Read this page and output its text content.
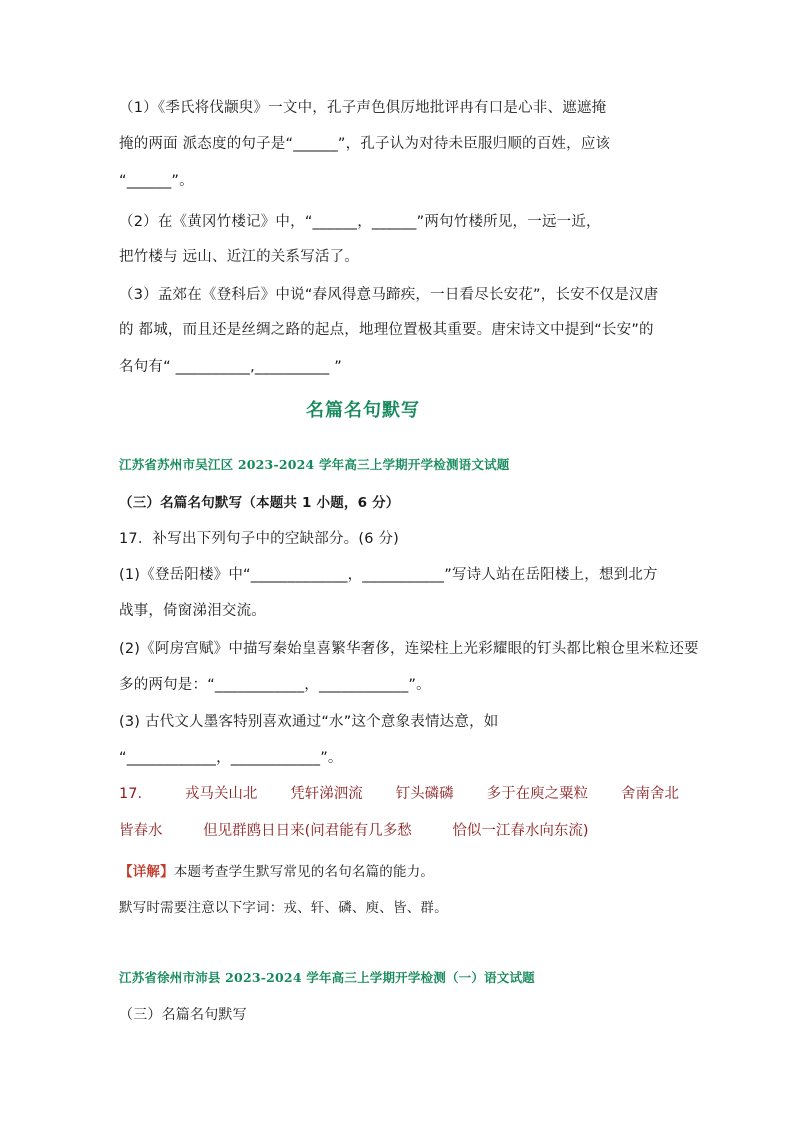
（1）《季氏将伐颛臾》一文中，孔子声色俱厉地批评冉有口是心非、遮遮掩
掩的两面 派态度的句子是“______”，孔子认为对待未臣服归顺的百姓，应该
“______”。
（2）在《黄冈竹楼记》中，“______，______”两句竹楼所见，一远一近，
把竹楼与 远山、近江的关系写活了。
（3）孟郊在《登科后》中说“春风得意马蹄疾，一日看尽长安花”，长安不仅是汉唐
的 都城，而且还是丝绸之路的起点，地理位置极其重要。唐宋诗文中提到“长安”的
名句有“ __________,__________ ”
名篇名句默写
江苏省苏州市吴江区 2023-2024 学年高三上学期开学检测语文试题
（三）名篇名句默写（本题共 1 小题，6 分）
17．补写出下列句子中的空缺部分。(6 分)
(1)《登岳阳楼》中“_____________，___________”写诗人站在岳阳楼上，想到北方
战事，倚窗涕泪交流。
(2)《阿房宫赋》中描写秦始皇喜繁华奢侈，连梁柱上光彩耀眼的钉头都比粮仓里米粒还要
多的两句是：“____________，____________”。
(3) 古代文人墨客特别喜欢通过“水”这个意象表情达意，如
“____________，____________”。
17． 戎马关山北 凭轩涕泗流 钉头磷磷 多于在庾之粟粒 舍南舍北
皆春水	但见群鸥日日来(问君能有几多愁	恰似一江春水向东流)
【详解】本题考查学生默写常见的名句名篇的能力。
默写时需要注意以下字词：戎、轩、磷、庾、皆、群。
江苏省徐州市沛县 2023-2024 学年高三上学期开学检测（一）语文试题
（三）名篇名句默写
